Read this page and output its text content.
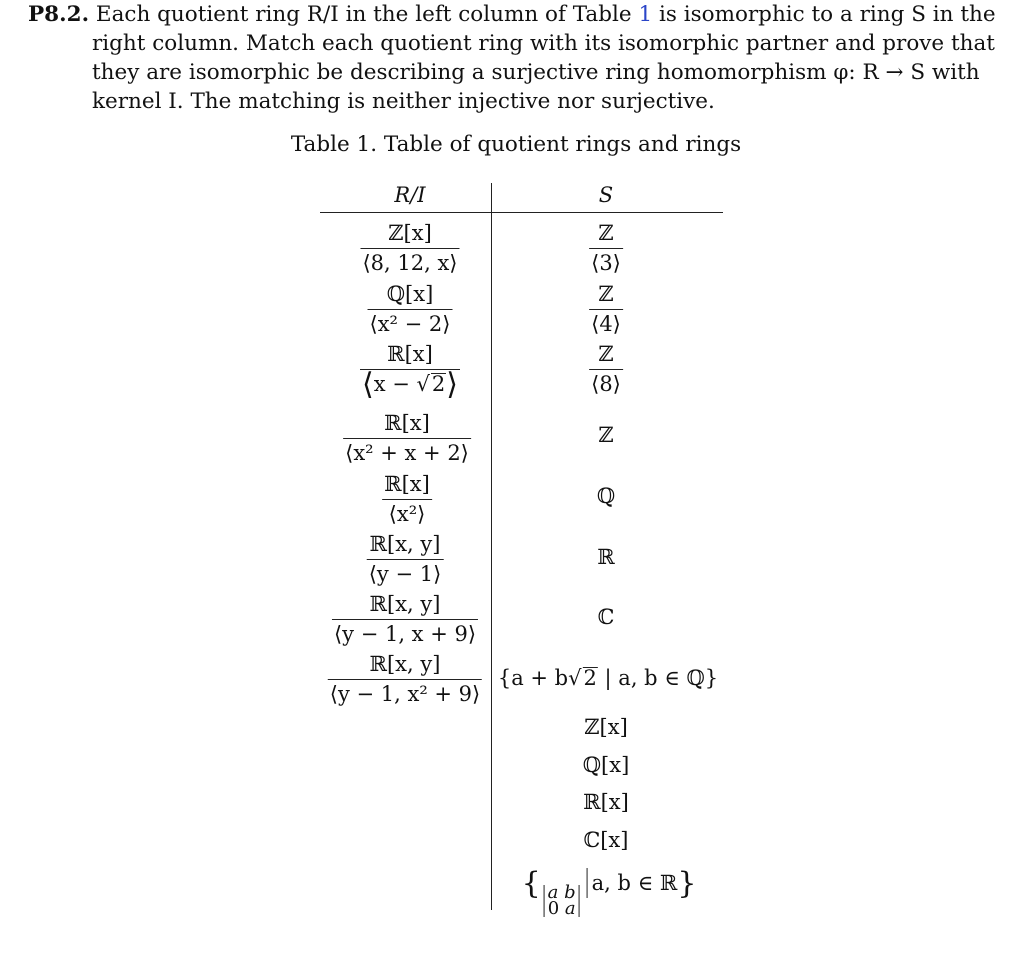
P8.2. Each quotient ring R/I in the left column of Table 1 is isomorphic to a ring S in the
right column. Match each quotient ring with its isomorphic partner and prove that
they are isomorphic be describing a surjective ring homomorphism φ: R → S with
kernel I. The matching is neither injective nor surjective.
Table 1. Table of quotient rings and rings
R/I	S
ℤ[x]
⟨8, 12, x⟩
ℚ[x]
⟨x² − 2⟩
ℝ[x]
⟨x − √2⟩
ℝ[x]
⟨x² + x + 2⟩
ℝ[x]
⟨x²⟩
ℝ[x, y]
⟨y − 1⟩
ℝ[x, y]
⟨y − 1, x + 9⟩
ℝ[x, y]
⟨y − 1, x² + 9⟩
ℤ
⟨3⟩
ℤ
⟨4⟩
ℤ
⟨8⟩
ℤ
ℚ
ℝ
ℂ
{a + b√2 | a, b ∈ ℚ}
ℤ[x]
ℚ[x]
ℝ[x]
ℂ[x]
{ a b
0 a
a, b ∈ ℝ}
